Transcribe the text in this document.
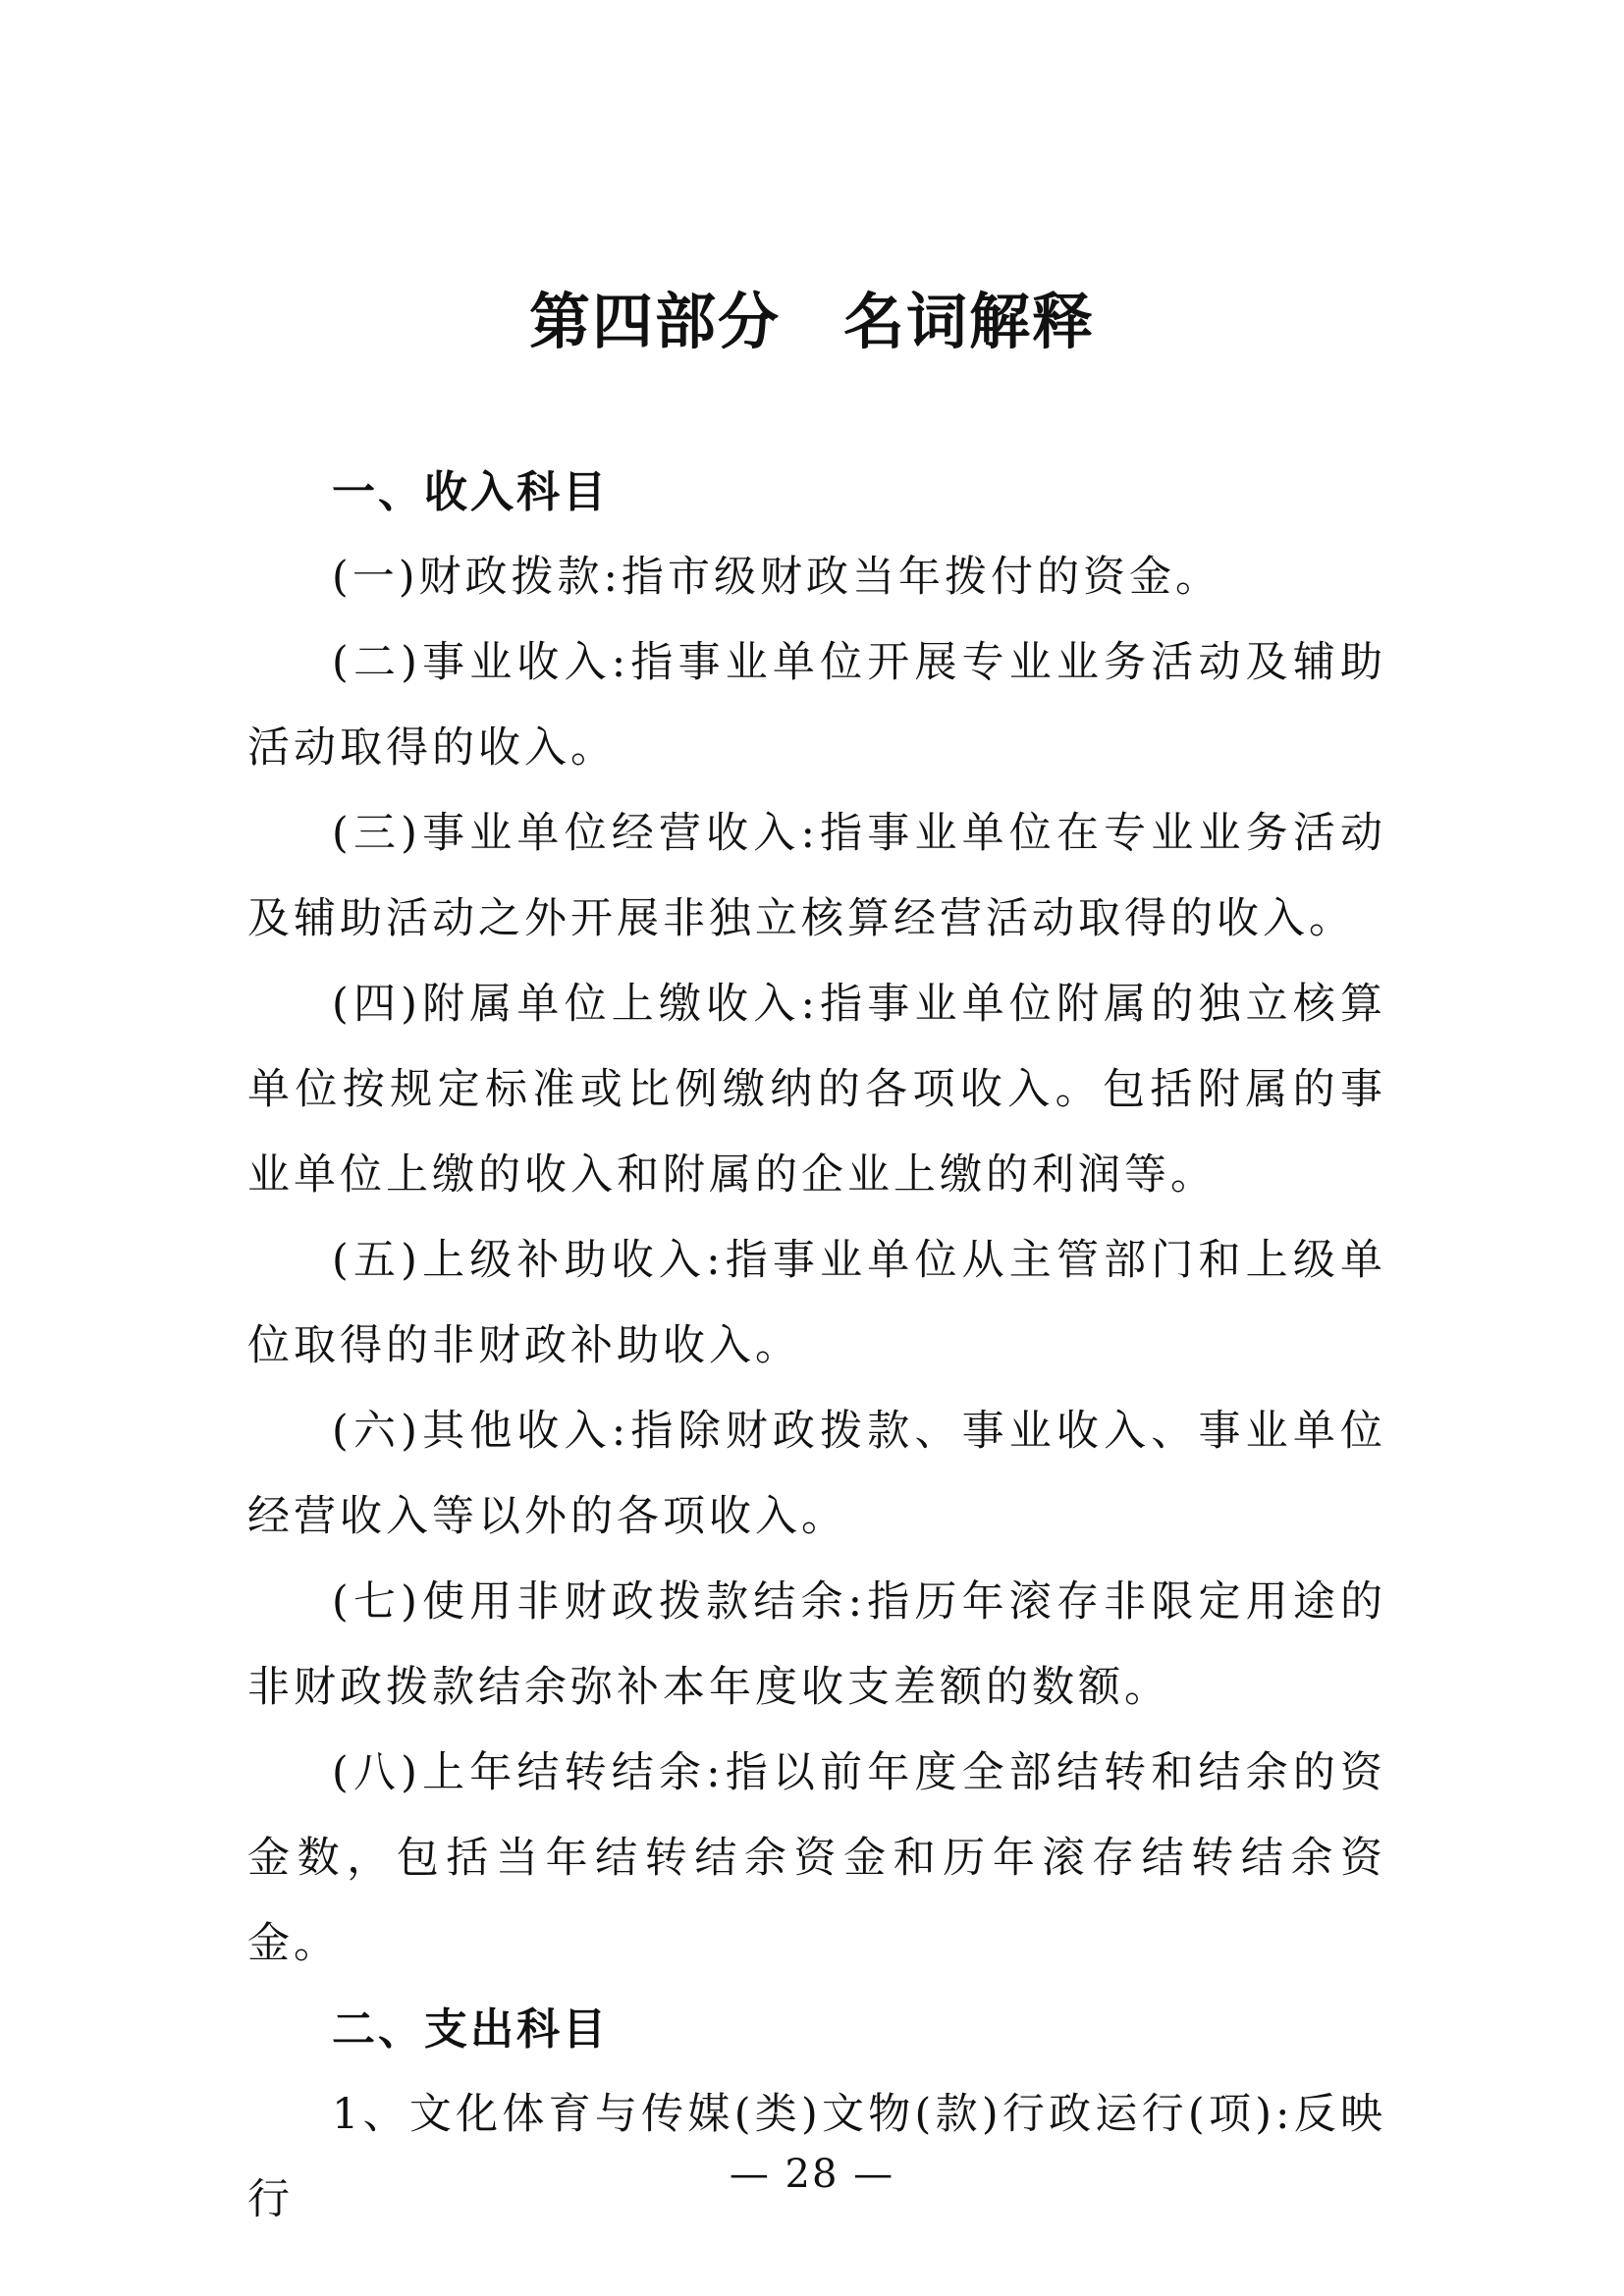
第四部分　名词解释
一、收入科目

(一)财政拨款:指市级财政当年拨付的资金。

(二)事业收入:指事业单位开展专业业务活动及辅助活动取得的收入。

(三)事业单位经营收入:指事业单位在专业业务活动及辅助活动之外开展非独立核算经营活动取得的收入。

(四)附属单位上缴收入:指事业单位附属的独立核算单位按规定标准或比例缴纳的各项收入。包括附属的事业单位上缴的收入和附属的企业上缴的利润等。

(五)上级补助收入:指事业单位从主管部门和上级单位取得的非财政补助收入。

(六)其他收入:指除财政拨款、事业收入、事业单位经营收入等以外的各项收入。

(七)使用非财政拨款结余:指历年滚存非限定用途的非财政拨款结余弥补本年度收支差额的数额。

(八)上年结转结余:指以前年度全部结转和结余的资金数，包括当年结转结余资金和历年滚存结转结余资金。

二、支出科目

1、文化体育与传媒(类)文物(款)行政运行(项):反映行

— 28 —
